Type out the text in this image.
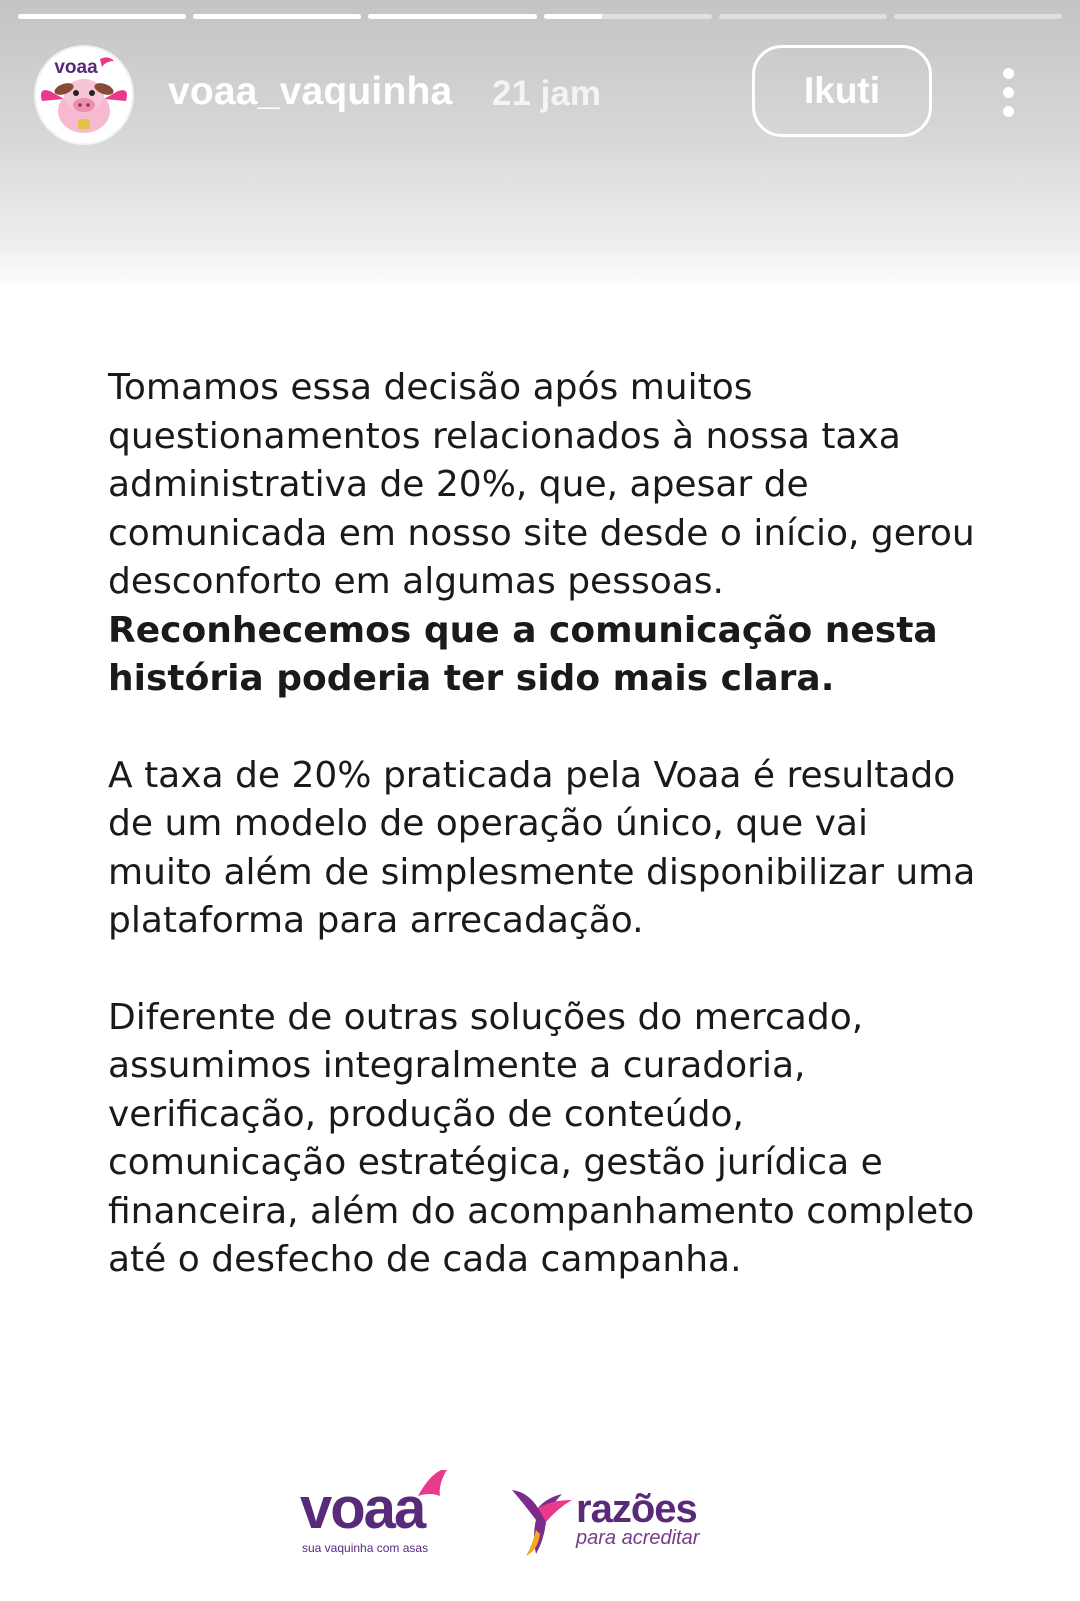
voaa
voaa_vaquinha 21 jam	Ikuti

Tomamos essa decisão após muitos questionamentos relacionados à nossa taxa administrativa de 20%, que, apesar de comunicada em nosso site desde o início, gerou desconforto em algumas pessoas. Reconhecemos que a comunicação nesta história poderia ter sido mais clara.

A taxa de 20% praticada pela Voaa é resultado de um modelo de operação único, que vai muito além de simplesmente disponibilizar uma plataforma para arrecadação.

Diferente de outras soluções do mercado, assumimos integralmente a curadoria, verificação, produção de conteúdo, comunicação estratégica, gestão jurídica e financeira, além do acompanhamento completo até o desfecho de cada campanha.

voaa
sua vaquinha com asas
razões
para acreditar
